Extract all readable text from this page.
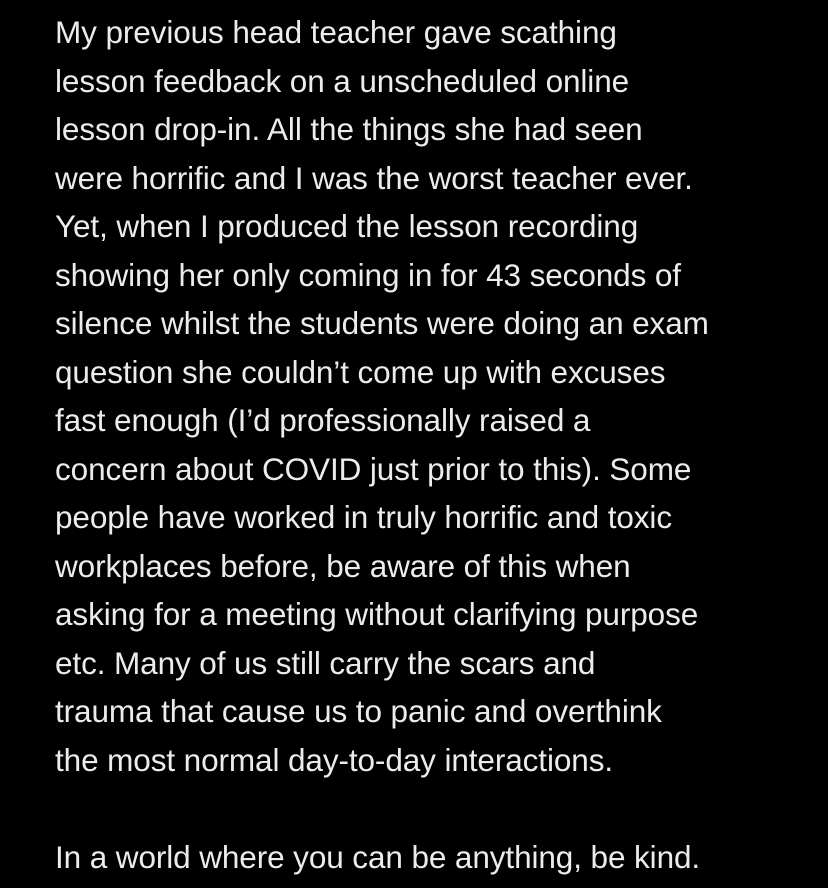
My previous head teacher gave scathing
lesson feedback on a unscheduled online
lesson drop-in. All the things she had seen
were horrific and I was the worst teacher ever.
Yet, when I produced the lesson recording
showing her only coming in for 43 seconds of
silence whilst the students were doing an exam
question she couldn’t come up with excuses
fast enough (I’d professionally raised a
concern about COVID just prior to this). Some
people have worked in truly horrific and toxic
workplaces before, be aware of this when
asking for a meeting without clarifying purpose
etc. Many of us still carry the scars and
trauma that cause us to panic and overthink
the most normal day-to-day interactions.
In a world where you can be anything, be kind.
